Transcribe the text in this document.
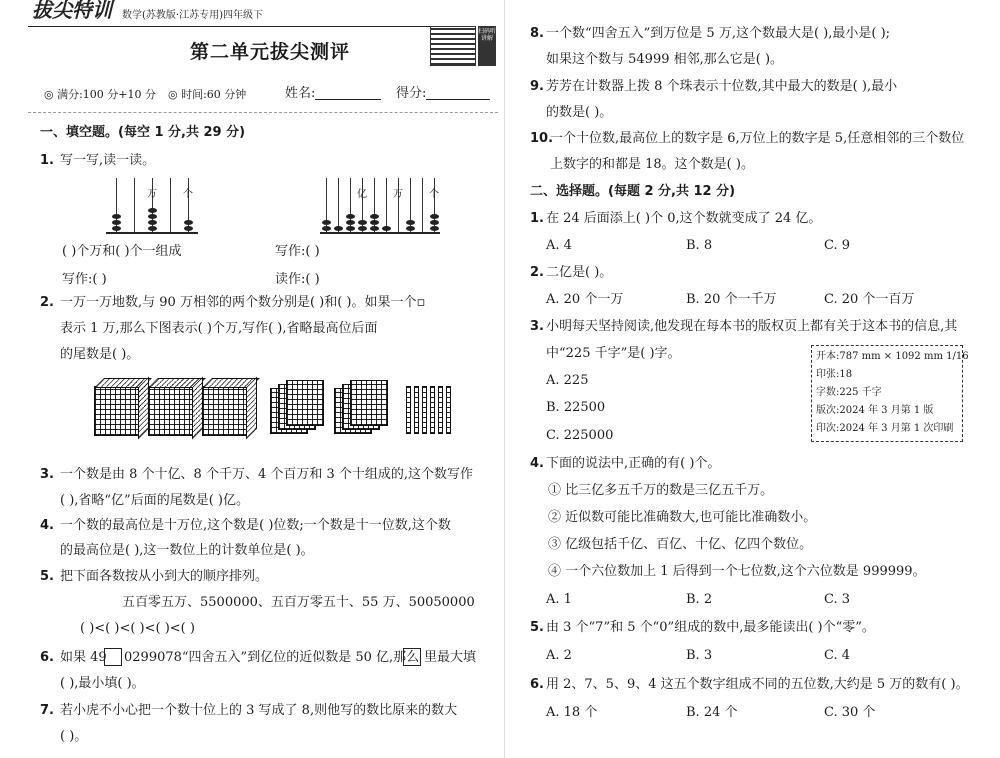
拔尖特训 数学(苏教版·江苏专用)四年级下
扫码听讲解
第二单元拔尖测评
◎ 满分:100 分+10 分 ◎ 时间:60 分钟	姓名:	得分:
一、填空题。(每空 1 分,共 29 分)
1. 写一写,读一读。
万	个	亿	万	个
( )个万和( )个一组成	写作:( )
写作:( )	读作:( )
2. 一万一万地数,与 90 万相邻的两个数分别是( )和( )。如果一个▫
表示 1 万,那么下图表示( )个万,写作( ),省略最高位后面
的尾数是( )。
3. 一个数是由 8 个十亿、8 个千万、4 个百万和 3 个十组成的,这个数写作
( ),省略“亿”后面的尾数是( )亿。
4. 一个数的最高位是十万位,这个数是( )位数;一个数是十一位数,这个数
的最高位是( ),这一数位上的计数单位是( )。
5. 把下面各数按从小到大的顺序排列。
五百零五万、5500000、五百万零五十、55 万、50050000
( )<( )<( )<( )<( )
6. 如果 49 0299078“四舍五入”到亿位的近似数是 50 亿,那么 里最大填
( ),最小填( )。
7. 若小虎不小心把一个数十位上的 3 写成了 8,则他写的数比原来的数大
( )。
8. 一个数“四舍五入”到万位是 5 万,这个数最大是( ),最小是( );
如果这个数与 54999 相邻,那么它是( )。
9. 芳芳在计数器上拨 8 个珠表示十位数,其中最大的数是( ),最小
的数是( )。
10.
一个十位数,最高位上的数字是 6,万位上的数字是 5,任意相邻的三个数位
上数字的和都是 18。这个数是( )。
二、选择题。(每题 2 分,共 12 分)
1. 在 24 后面添上( )个 0,这个数就变成了 24 亿。
A. 4	B. 8	C. 9
2. 二亿是( )。
A. 20 个一万	B. 20 个一千万	C. 20 个一百万
3. 小明每天坚持阅读,他发现在每本书的版权页上都有关于这本书的信息,其
中“225 千字”是( )字。
A. 225
B. 22500
C. 225000
开本:787 mm × 1092 mm 1/16
印张:18
字数:225 千字
版次:2024 年 3 月第 1 版
印次:2024 年 3 月第 1 次印刷
4. 下面的说法中,正确的有( )个。
① 比三亿多五千万的数是三亿五千万。
② 近似数可能比准确数大,也可能比准确数小。
③ 亿级包括千亿、百亿、十亿、亿四个数位。
④ 一个六位数加上 1 后得到一个七位数,这个六位数是 999999。
A. 1	B. 2	C. 3
5. 由 3 个“7”和 5 个“0”组成的数中,最多能读出( )个“零”。
A. 2	B. 3	C. 4
6. 用 2、7、5、9、4 这五个数字组成不同的五位数,大约是 5 万的数有( )。
A. 18 个	B. 24 个	C. 30 个
